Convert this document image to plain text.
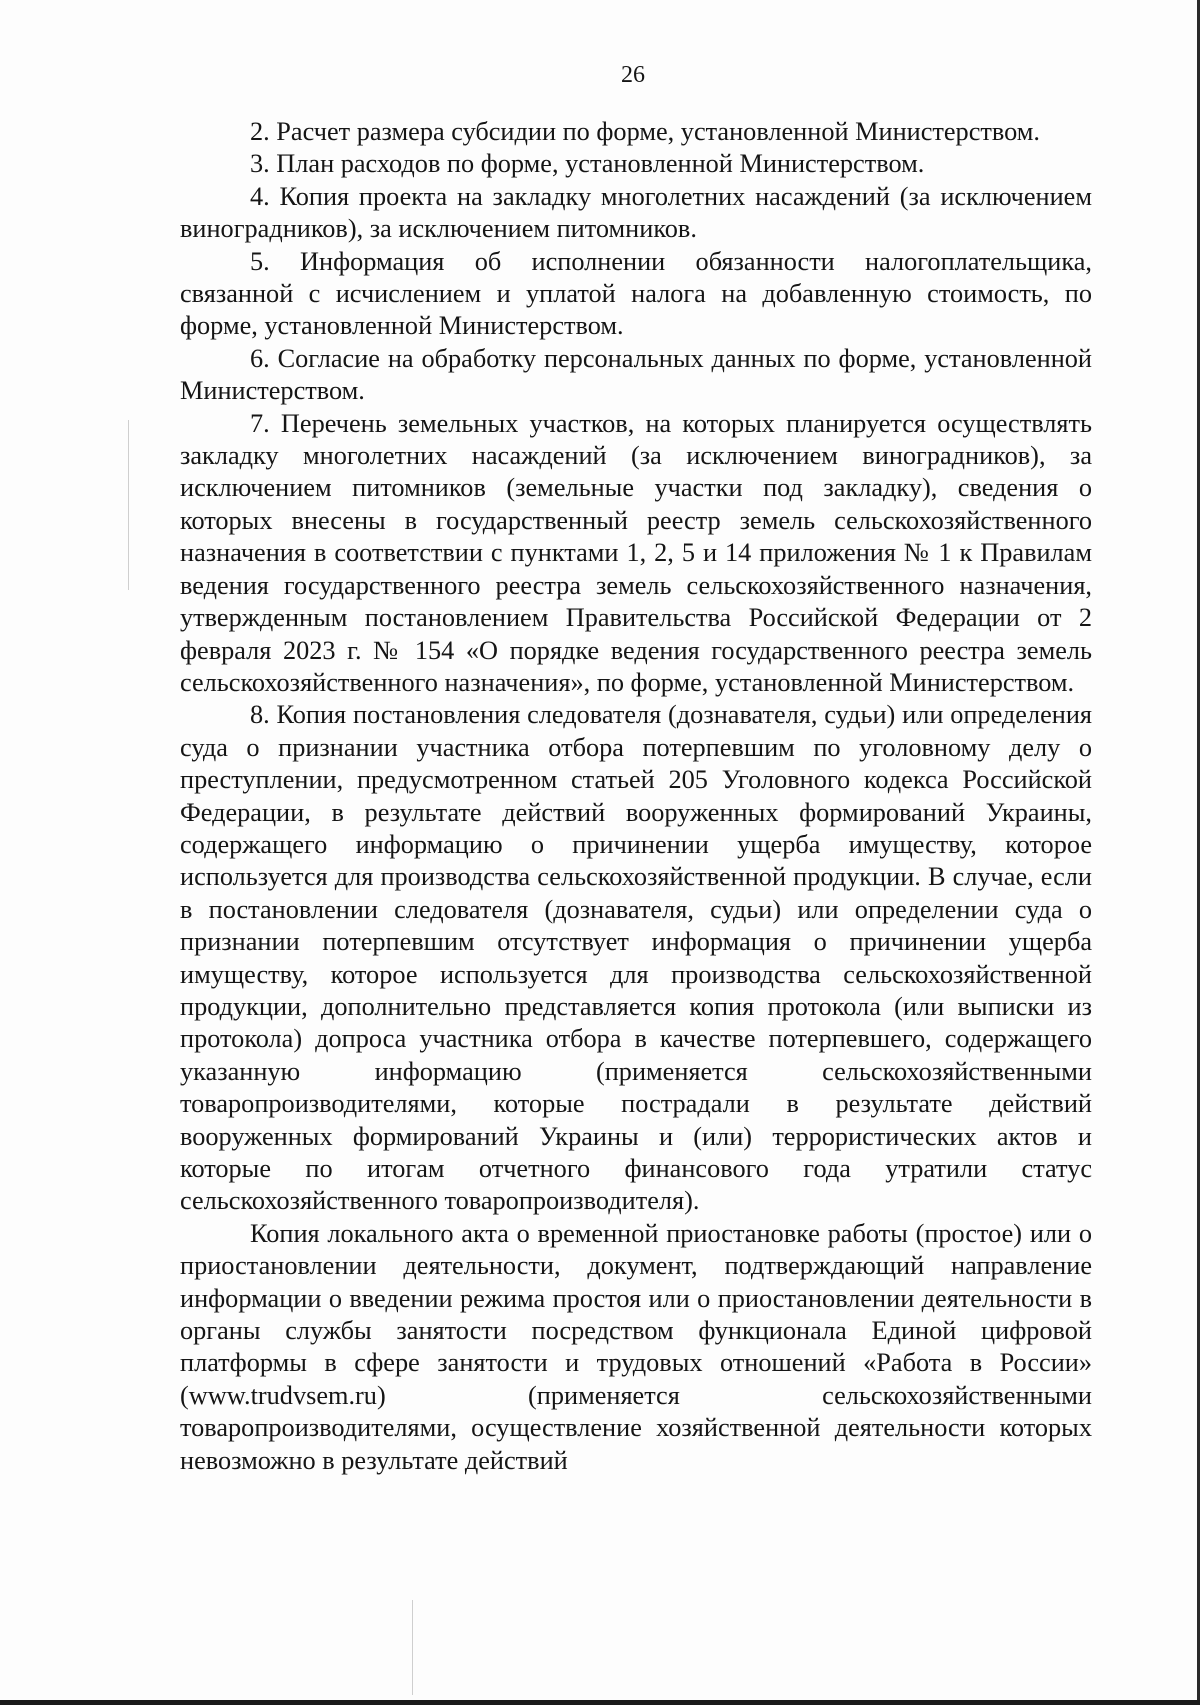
26

2. Расчет размера субсидии по форме, установленной Министерством.

3. План расходов по форме, установленной Министерством.

4. Копия проекта на закладку многолетних насаждений (за исключением виноградников), за исключением питомников.

5. Информация об исполнении обязанности налогоплательщика, связанной с исчислением и уплатой налога на добавленную стоимость, по форме, установленной Министерством.

6. Согласие на обработку персональных данных по форме, установленной Министерством.

7. Перечень земельных участков, на которых планируется осуществлять закладку многолетних насаждений (за исключением виноградников), за исключением питомников (земельные участки под закладку), сведения о которых внесены в государственный реестр земель сельскохозяйственного назначения в соответствии с пунктами 1, 2, 5 и 14 приложения № 1 к Правилам ведения государственного реестра земель сельскохозяйственного назначения, утвержденным постановлением Правительства Российской Федерации от 2 февраля 2023 г. № 154 «О порядке ведения государственного реестра земель сельскохозяйственного назначения», по форме, установленной Министерством.

8. Копия постановления следователя (дознавателя, судьи) или определения суда о признании участника отбора потерпевшим по уголовному делу о преступлении, предусмотренном статьей 205 Уголовного кодекса Российской Федерации, в результате действий вооруженных формирований Украины, содержащего информацию о причинении ущерба имуществу, которое используется для производства сельскохозяйственной продукции. В случае, если в постановлении следователя (дознавателя, судьи) или определении суда о признании потерпевшим отсутствует информация о причинении ущерба имуществу, которое используется для производства сельскохозяйственной продукции, дополнительно представляется копия протокола (или выписки из протокола) допроса участника отбора в качестве потерпевшего, содержащего указанную информацию (применяется сельскохозяйственными товаропроизводителями, которые пострадали в результате действий вооруженных формирований Украины и (или) террористических актов и которые по итогам отчетного финансового года утратили статус сельскохозяйственного товаропроизводителя).

Копия локального акта о временной приостановке работы (простое) или о приостановлении деятельности, документ, подтверждающий направление информации о введении режима простоя или о приостановлении деятельности в органы службы занятости посредством функционала Единой цифровой платформы в сфере занятости и трудовых отношений «Работа в России» (www.trudvsem.ru) (применяется сельскохозяйственными товаропроизводителями, осуществление хозяйственной деятельности которых невозможно в результате действий
